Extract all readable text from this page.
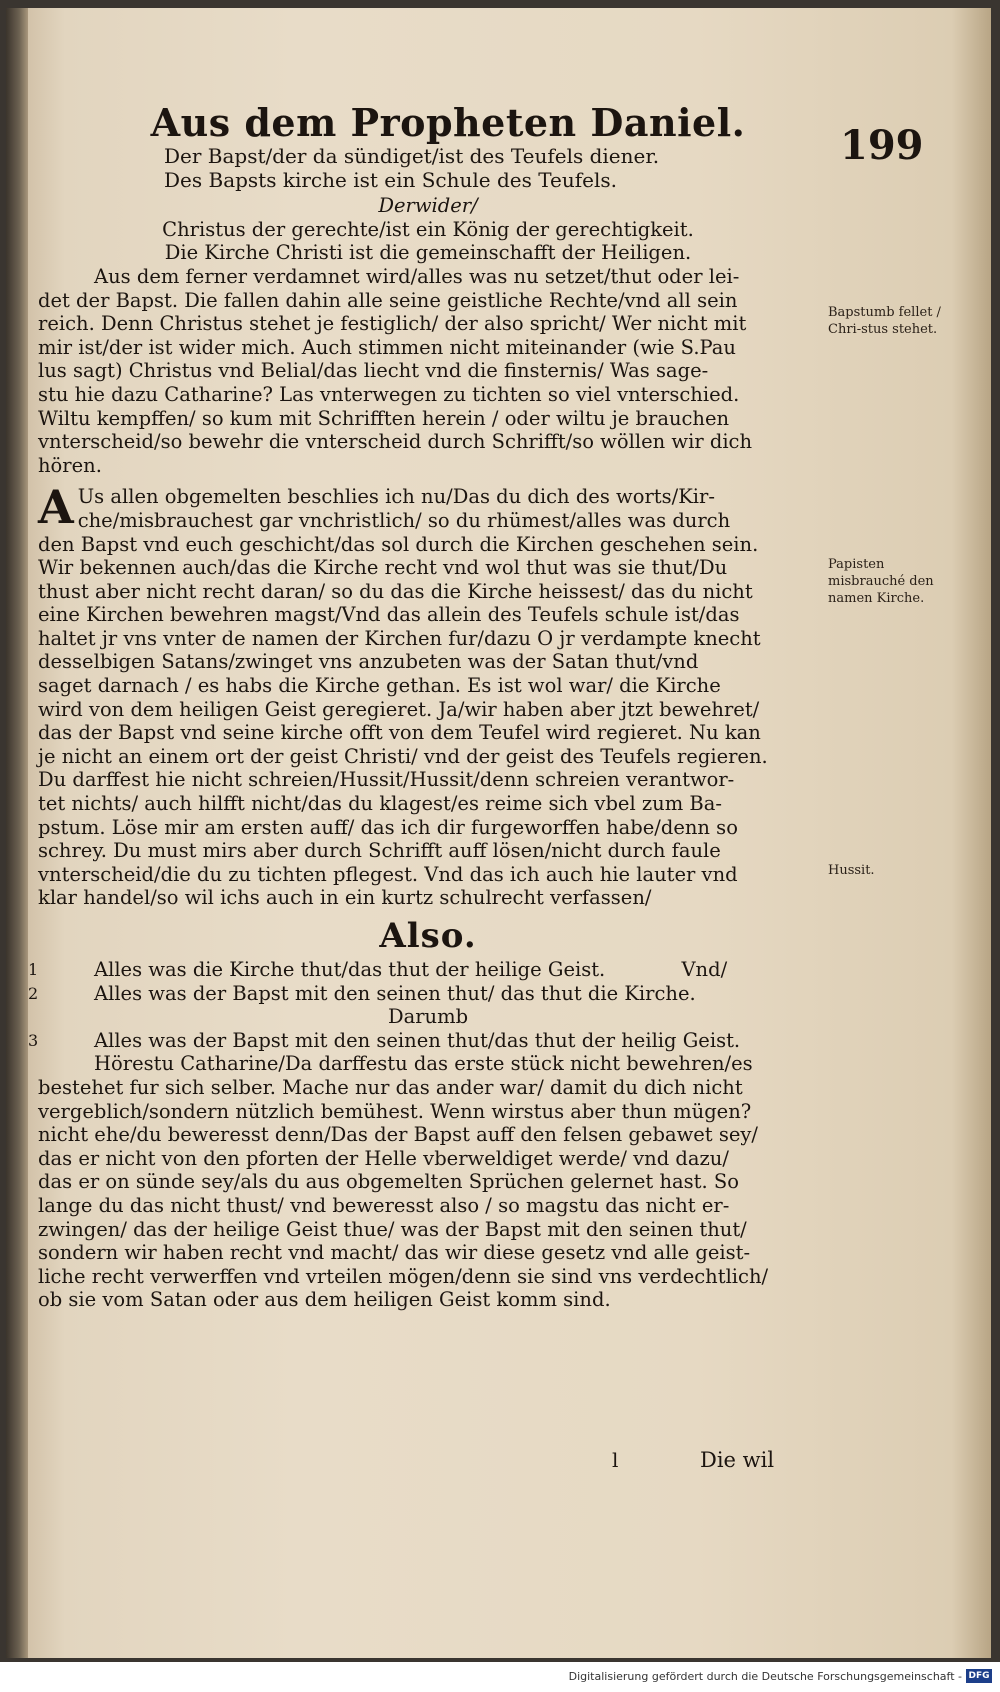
199
Aus dem Propheten Daniel.
Der Bapst/der da sündiget/ist des Teufels diener.
Des Bapsts kirche ist ein Schule des Teufels.
Derwider/
Christus der gerechte/ist ein König der gerechtigkeit.
Die Kirche Christi ist die gemeinschafft der Heiligen.
Aus dem ferner verdamnet wird/alles was nu setzet/thut oder lei-
det der Bapst. Die fallen dahin alle seine geistliche Rechte/vnd all sein
reich. Denn Christus stehet je festiglich/ der also spricht/ Wer nicht mit
mir ist/der ist wider mich. Auch stimmen nicht miteinander (wie S.Pau
lus sagt) Christus vnd Belial/das liecht vnd die finsternis/ Was sage-
stu hie dazu Catharine? Las vnterwegen zu tichten so viel vnterschied.
Wiltu kempffen/ so kum mit Schrifften herein / oder wiltu je brauchen
vnterscheid/so bewehr die vnterscheid durch Schrifft/so wöllen wir dich
hören.
A Us allen obgemelten beschlies ich nu/Das du dich des worts/Kir-
che/misbrauchest gar vnchristlich/ so du rhümest/alles was durch
den Bapst vnd euch geschicht/das sol durch die Kirchen geschehen sein.
Wir bekennen auch/das die Kirche recht vnd wol thut was sie thut/Du
thust aber nicht recht daran/ so du das die Kirche heissest/ das du nicht
eine Kirchen bewehren magst/Vnd das allein des Teufels schule ist/das
haltet jr vns vnter de namen der Kirchen fur/dazu O jr verdampte knecht
desselbigen Satans/zwinget vns anzubeten was der Satan thut/vnd
saget darnach / es habs die Kirche gethan. Es ist wol war/ die Kirche
wird von dem heiligen Geist geregieret. Ja/wir haben aber jtzt bewehret/
das der Bapst vnd seine kirche offt von dem Teufel wird regieret. Nu kan
je nicht an einem ort der geist Christi/ vnd der geist des Teufels regieren.
Du darffest hie nicht schreien/Hussit/Hussit/denn schreien verantwor-
tet nichts/ auch hilfft nicht/das du klagest/es reime sich vbel zum Ba-
pstum. Löse mir am ersten auff/ das ich dir furgeworffen habe/denn so
schrey. Du must mirs aber durch Schrifft auff lösen/nicht durch faule
vnterscheid/die du zu tichten pflegest. Vnd das ich auch hie lauter vnd
klar handel/so wil ichs auch in ein kurtz schulrecht verfassen/
Also.
1	Alles was die Kirche thut/das thut der heilige Geist.	Vnd/
2	Alles was der Bapst mit den seinen thut/ das thut die Kirche.
Darumb
3	Alles was der Bapst mit den seinen thut/das thut der heilig Geist.
Hörestu Catharine/Da darffestu das erste stück nicht bewehren/es
bestehet fur sich selber. Mache nur das ander war/ damit du dich nicht
vergeblich/sondern nützlich bemühest. Wenn wirstus aber thun mügen?
nicht ehe/du beweresst denn/Das der Bapst auff den felsen gebawet sey/
das er nicht von den pforten der Helle vberweldiget werde/ vnd dazu/
das er on sünde sey/als du aus obgemelten Sprüchen gelernet hast. So
lange du das nicht thust/ vnd beweresst also / so magstu das nicht er-
zwingen/ das der heilige Geist thue/ was der Bapst mit den seinen thut/
sondern wir haben recht vnd macht/ das wir diese gesetz vnd alle geist-
liche recht verwerffen vnd vrteilen mögen/denn sie sind vns verdechtlich/
ob sie vom Satan oder aus dem heiligen Geist komm sind.
Bapstumb fellet / Chri-stus stehet.
Papisten misbrauché den namen Kirche.
Hussit.
l	Die wil
Digitalisierung gefördert durch die Deutsche Forschungsgemeinschaft - DFG
